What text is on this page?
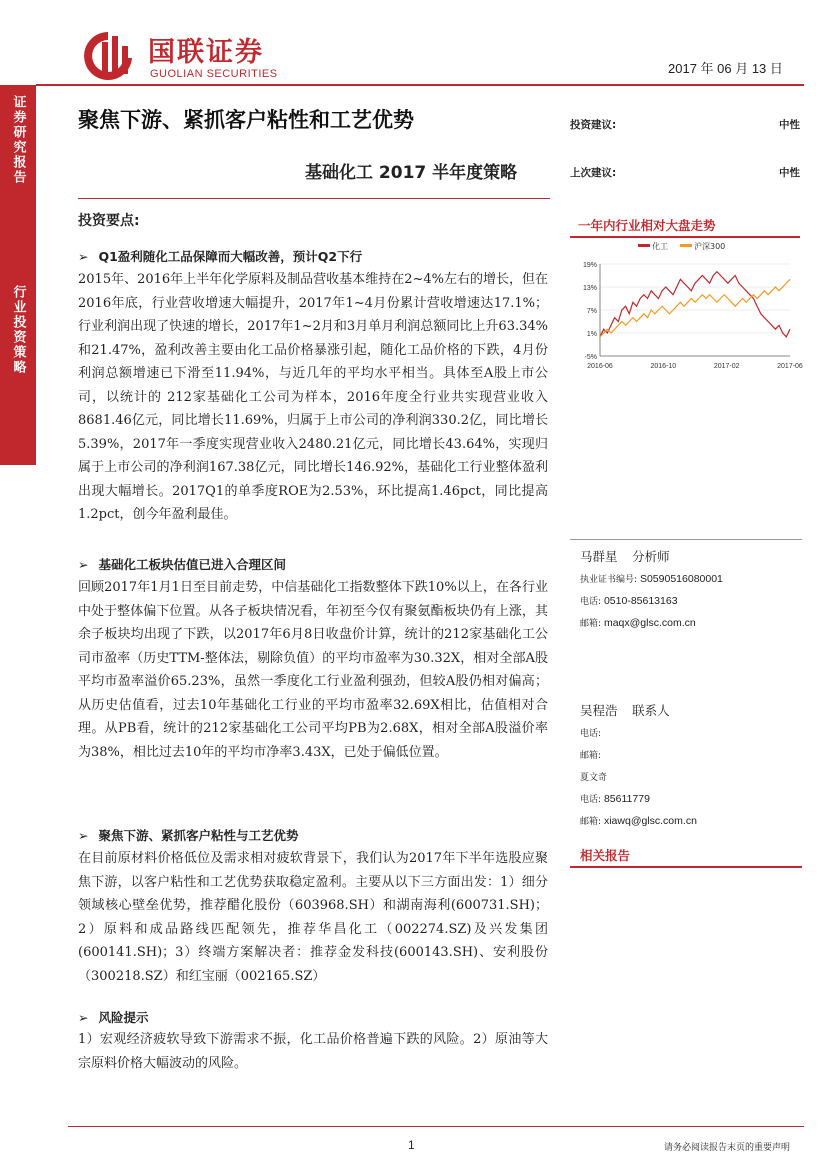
国联证券
GUOLIAN SECURITIES	2017 年 06 月 13 日
证券研究报告
行业投资策略
聚焦下游、紧抓客户粘性和工艺优势
基础化工 2017 半年度策略
投资建议:	中性
上次建议:	中性
投资要点:
➢ Q1盈利随化工品保障而大幅改善，预计Q2下行

2015年、2016年上半年化学原料及制品营收基本维持在2~4%左右的增长，但在2016年底，行业营收增速大幅提升，2017年1~4月份累计营收增速达17.1%；行业利润出现了快速的增长，2017年1~2月和3月单月利润总额同比上升63.34%和21.47%，盈利改善主要由化工品价格暴涨引起，随化工品价格的下跌，4月份利润总额增速已下滑至11.94%，与近几年的平均水平相当。具体至A股上市公司，以统计的 212家基础化工公司为样本，2016年度全行业共实现营业收入8681.46亿元，同比增长11.69%，归属于上市公司的净利润330.2亿，同比增长5.39%，2017年一季度实现营业收入2480.21亿元，同比增长43.64%，实现归属于上市公司的净利润167.38亿元，同比增长146.92%，基础化工行业整体盈利出现大幅增长。2017Q1的单季度ROE为2.53%，环比提高1.46pct，同比提高1.2pct，创今年盈利最佳。

➢ 基础化工板块估值已进入合理区间

回顾2017年1月1日至目前走势，中信基础化工指数整体下跌10%以上，在各行业中处于整体偏下位置。从各子板块情况看，年初至今仅有聚氨酯板块仍有上涨，其余子板块均出现了下跌，以2017年6月8日收盘价计算，统计的212家基础化工公司市盈率（历史TTM-整体法，剔除负值）的平均市盈率为30.32X，相对全部A股平均市盈率溢价65.23%，虽然一季度化工行业盈利强劲，但较A股仍相对偏高；从历史估值看，过去10年基础化工行业的平均市盈率32.69X相比，估值相对合理。从PB看，统计的212家基础化工公司平均PB为2.68X，相对全部A股溢价率为38%，相比过去10年的平均市净率3.43X，已处于偏低位置。

➢ 聚焦下游、紧抓客户粘性与工艺优势

在目前原材料价格低位及需求相对疲软背景下，我们认为2017年下半年选股应聚焦下游，以客户粘性和工艺优势获取稳定盈利。主要从以下三方面出发：1）细分领域核心壁垒优势，推荐醋化股份（603968.SH）和湖南海利(600731.SH)；2）原料和成品路线匹配领先，推荐华昌化工（002274.SZ)及兴发集团(600141.SH)；3）终端方案解决者：推荐金发科技(600143.SH)、安利股份（300218.SZ）和红宝丽（002165.SZ）

➢ 风险提示

1）宏观经济疲软导致下游需求不振，化工品价格普遍下跌的风险。2）原油等大宗原料价格大幅波动的风险。

一年内行业相对大盘走势
化工	沪深300
19%
13%
7%
1%
-5%
2016-06	2016-10	2017-02	2017-06
马群星 分析师
执业证书编号: S0590516080001
电话: 0510-85613163
邮箱: maqx@glsc.com.cn
吴程浩 联系人
电话:
邮箱:
夏文奇
电话: 85611779
邮箱: xiawq@glsc.com.cn
相关报告
1	请务必阅读报告末页的重要声明
